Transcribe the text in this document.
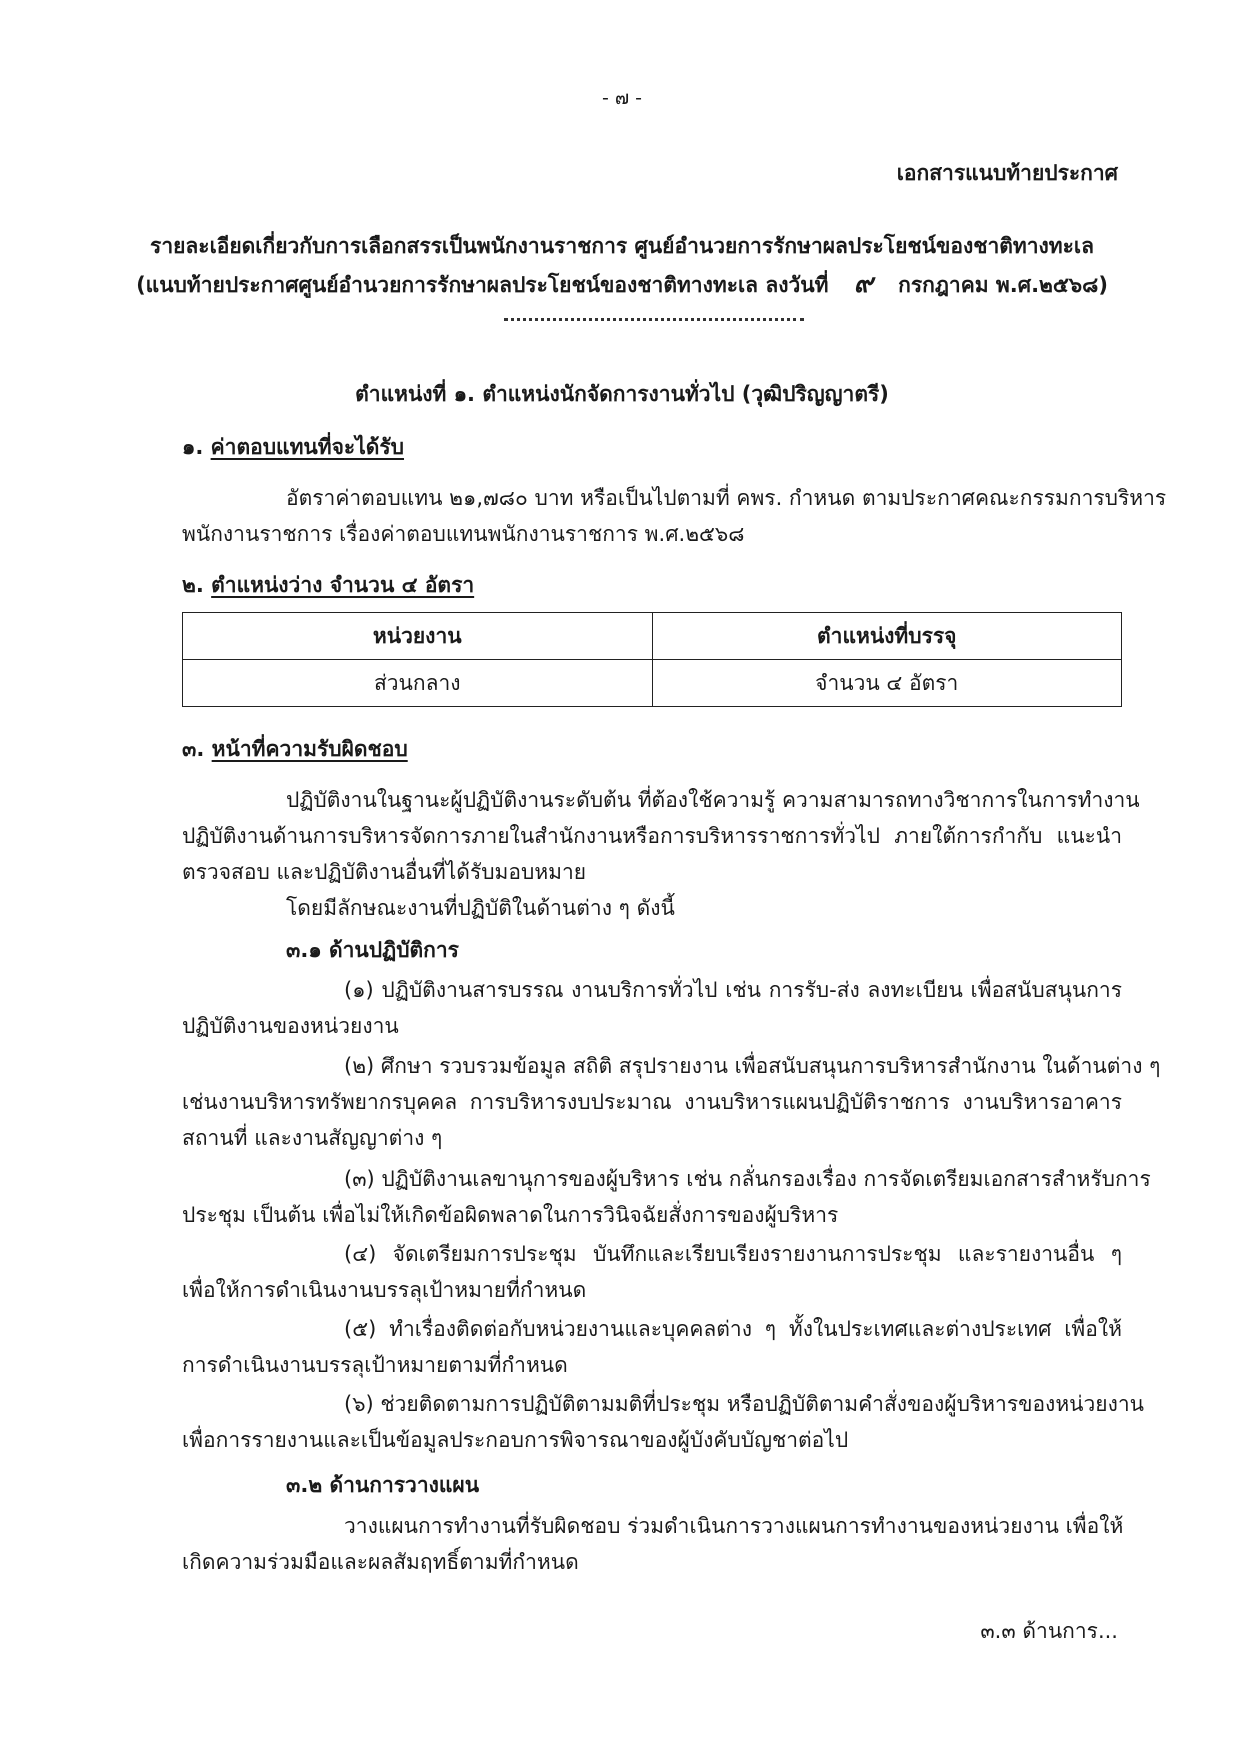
- ๗ -
เอกสารแนบท้ายประกาศ
รายละเอียดเกี่ยวกับการเลือกสรรเป็นพนักงานราชการ ศูนย์อำนวยการรักษาผลประโยชน์ของชาติทางทะเล
(แนบท้ายประกาศศูนย์อำนวยการรักษาผลประโยชน์ของชาติทางทะเล ลงวันที่ ๙ กรกฎาคม พ.ศ.๒๕๖๘)
ตำแหน่งที่ ๑. ตำแหน่งนักจัดการงานทั่วไป (วุฒิปริญญาตรี)
๑. ค่าตอบแทนที่จะได้รับ
อัตราค่าตอบแทน ๒๑,๗๘๐ บาท หรือเป็นไปตามที่ คพร. กำหนด ตามประกาศคณะกรรมการบริหาร
พนักงานราชการ เรื่องค่าตอบแทนพนักงานราชการ พ.ศ.๒๕๖๘
๒. ตำแหน่งว่าง จำนวน ๔ อัตรา
หน่วยงาน	ตำแหน่งที่บรรจุ
ส่วนกลาง	จำนวน ๔ อัตรา
๓. หน้าที่ความรับผิดชอบ
ปฏิบัติงานในฐานะผู้ปฏิบัติงานระดับต้น ที่ต้องใช้ความรู้ ความสามารถทางวิชาการในการทำงาน
ปฏิบัติงานด้านการบริหารจัดการภายในสำนักงานหรือการบริหารราชการทั่วไป ภายใต้การกำกับ แนะนำ
ตรวจสอบ และปฏิบัติงานอื่นที่ได้รับมอบหมาย
โดยมีลักษณะงานที่ปฏิบัติในด้านต่าง ๆ ดังนี้
๓.๑ ด้านปฏิบัติการ
(๑) ปฏิบัติงานสารบรรณ งานบริการทั่วไป เช่น การรับ-ส่ง ลงทะเบียน เพื่อสนับสนุนการ
ปฏิบัติงานของหน่วยงาน
(๒) ศึกษา รวบรวมข้อมูล สถิติ สรุปรายงาน เพื่อสนับสนุนการบริหารสำนักงาน ในด้านต่าง ๆ
เช่นงานบริหารทรัพยากรบุคคล การบริหารงบประมาณ งานบริหารแผนปฏิบัติราชการ งานบริหารอาคาร
สถานที่ และงานสัญญาต่าง ๆ
(๓) ปฏิบัติงานเลขานุการของผู้บริหาร เช่น กลั่นกรองเรื่อง การจัดเตรียมเอกสารสำหรับการ
ประชุม เป็นต้น เพื่อไม่ให้เกิดข้อผิดพลาดในการวินิจฉัยสั่งการของผู้บริหาร
(๔) จัดเตรียมการประชุม บันทึกและเรียบเรียงรายงานการประชุม และรายงานอื่น ๆ
เพื่อให้การดำเนินงานบรรลุเป้าหมายที่กำหนด
(๕) ทำเรื่องติดต่อกับหน่วยงานและบุคคลต่าง ๆ ทั้งในประเทศและต่างประเทศ เพื่อให้
การดำเนินงานบรรลุเป้าหมายตามที่กำหนด
(๖) ช่วยติดตามการปฏิบัติตามมติที่ประชุม หรือปฏิบัติตามคำสั่งของผู้บริหารของหน่วยงาน
เพื่อการรายงานและเป็นข้อมูลประกอบการพิจารณาของผู้บังคับบัญชาต่อไป
๓.๒ ด้านการวางแผน
วางแผนการทำงานที่รับผิดชอบ ร่วมดำเนินการวางแผนการทำงานของหน่วยงาน เพื่อให้
เกิดความร่วมมือและผลสัมฤทธิ์ตามที่กำหนด
๓.๓ ด้านการ...
